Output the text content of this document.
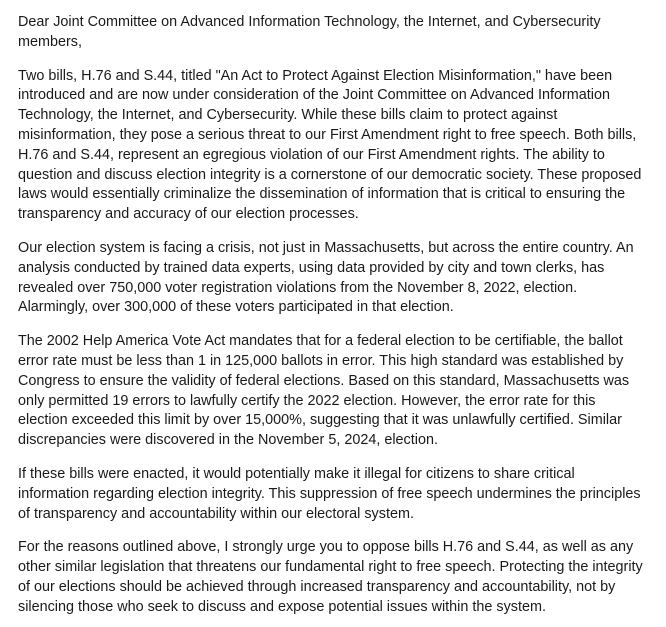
Dear Joint Committee on Advanced Information Technology, the Internet, and Cybersecurity members,

Two bills, H.76 and S.44, titled "An Act to Protect Against Election Misinformation," have been introduced and are now under consideration of the Joint Committee on Advanced Information Technology, the Internet, and Cybersecurity. While these bills claim to protect against misinformation, they pose a serious threat to our First Amendment right to free speech. Both bills, H.76 and S.44, represent an egregious violation of our First Amendment rights. The ability to question and discuss election integrity is a cornerstone of our democratic society. These proposed laws would essentially criminalize the dissemination of information that is critical to ensuring the transparency and accuracy of our election processes.

Our election system is facing a crisis, not just in Massachusetts, but across the entire country. An analysis conducted by trained data experts, using data provided by city and town clerks, has revealed over 750,000 voter registration violations from the November 8, 2022, election. Alarmingly, over 300,000 of these voters participated in that election.

The 2002 Help America Vote Act mandates that for a federal election to be certifiable, the ballot error rate must be less than 1 in 125,000 ballots in error. This high standard was established by Congress to ensure the validity of federal elections. Based on this standard, Massachusetts was only permitted 19 errors to lawfully certify the 2022 election. However, the error rate for this election exceeded this limit by over 15,000%, suggesting that it was unlawfully certified. Similar discrepancies were discovered in the November 5, 2024, election.

If these bills were enacted, it would potentially make it illegal for citizens to share critical information regarding election integrity. This suppression of free speech undermines the principles of transparency and accountability within our electoral system.

For the reasons outlined above, I strongly urge you to oppose bills H.76 and S.44, as well as any other similar legislation that threatens our fundamental right to free speech. Protecting the integrity of our elections should be achieved through increased transparency and accountability, not by silencing those who seek to discuss and expose potential issues within the system.
